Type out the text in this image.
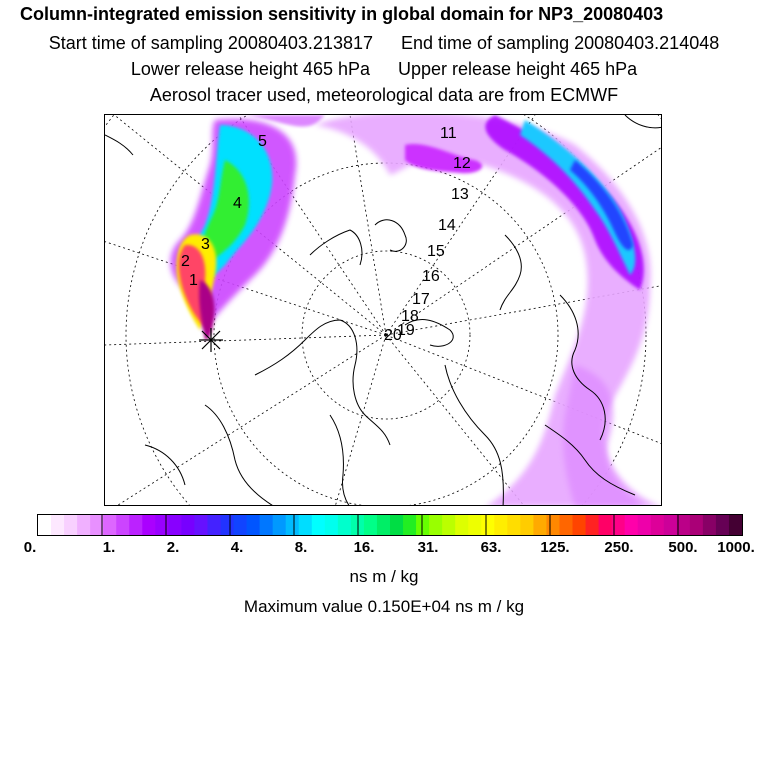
Column-integrated emission sensitivity in global domain for NP3_20080403
Start time of sampling 20080403.213817 End time of sampling 20080403.214048
Lower release height 465 hPa Upper release height 465 hPa
Aerosol tracer used, meteorological data are from ECMWF
1
2
3
4
5	11
12
13
14
15
16
17
18
19
20
0.	1.	2.	4.	8.	16.	31.	63.	125. 250. 500. 1000.
ns m / kg
Maximum value 0.150E+04 ns m / kg
